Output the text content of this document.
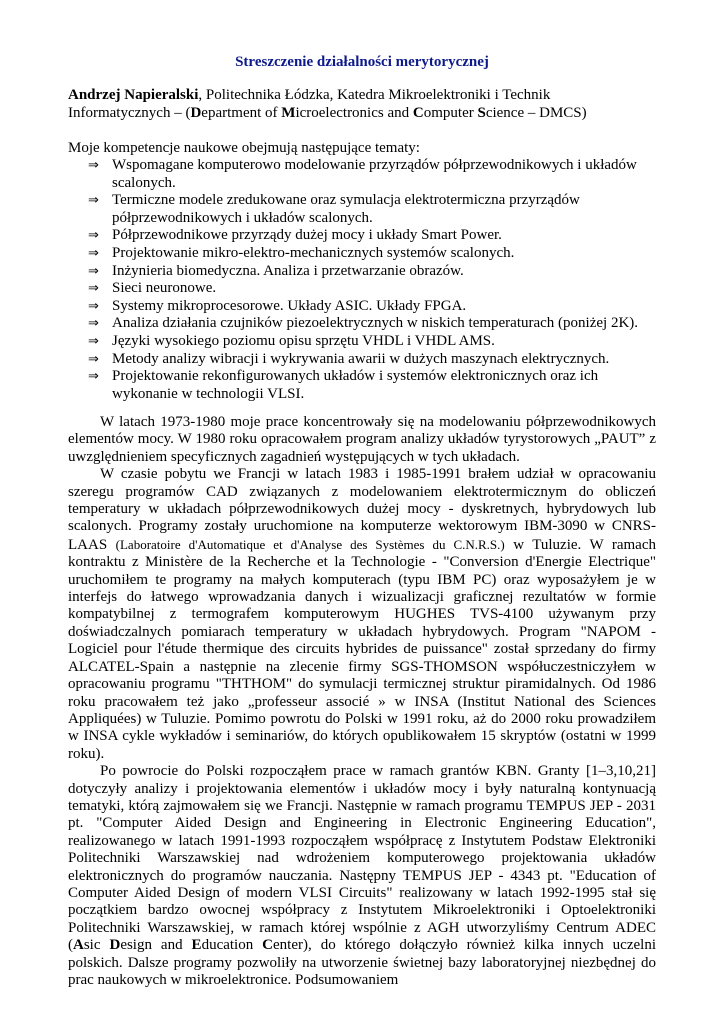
Streszczenie działalności merytorycznej

Andrzej Napieralski, Politechnika Łódzka, Katedra Mikroelektroniki i Technik Informatycznych – (Department of Microelectronics and Computer Science – DMCS)

Moje kompetencje naukowe obejmują następujące tematy:

⇒ Wspomagane komputerowo modelowanie przyrządów półprzewodnikowych i układów scalonych.
⇒ Termiczne modele zredukowane oraz symulacja elektrotermiczna przyrządów półprzewodnikowych i układów scalonych.
⇒ Półprzewodnikowe przyrządy dużej mocy i układy Smart Power.
⇒ Projektowanie mikro-elektro-mechanicznych systemów scalonych.
⇒ Inżynieria biomedyczna. Analiza i przetwarzanie obrazów.
⇒ Sieci neuronowe.
⇒ Systemy mikroprocesorowe. Układy ASIC. Układy FPGA.
⇒ Analiza działania czujników piezoelektrycznych w niskich temperaturach (poniżej 2K).
⇒ Języki wysokiego poziomu opisu sprzętu VHDL i VHDL AMS.
⇒ Metody analizy wibracji i wykrywania awarii w dużych maszynach elektrycznych.
⇒ Projektowanie rekonfigurowanych układów i systemów elektronicznych oraz ich wykonanie w technologii VLSI.

W latach 1973-1980 moje prace koncentrowały się na modelowaniu półprzewodnikowych elementów mocy. W 1980 roku opracowałem program analizy układów tyrystorowych „PAUT” z uwzględnieniem specyficznych zagadnień występujących w tych układach.

W czasie pobytu we Francji w latach 1983 i 1985-1991 brałem udział w opracowaniu szeregu programów CAD związanych z modelowaniem elektrotermicznym do obliczeń temperatury w układach półprzewodnikowych dużej mocy - dyskretnych, hybrydowych lub scalonych. Programy zostały uruchomione na komputerze wektorowym IBM-3090 w CNRS-LAAS (Laboratoire d'Automatique et d'Analyse des Systèmes du C.N.R.S.) w Tuluzie. W ramach kontraktu z Ministère de la Recherche et la Technologie - "Conversion d'Energie Electrique" uruchomiłem te programy na małych komputerach (typu IBM PC) oraz wyposażyłem je w interfejs do łatwego wprowadzania danych i wizualizacji graficznej rezultatów w formie kompatybilnej z termografem komputerowym HUGHES TVS-4100 używanym przy doświadczalnych pomiarach temperatury w układach hybrydowych. Program "NAPOM - Logiciel pour l'étude thermique des circuits hybrides de puissance" został sprzedany do firmy ALCATEL-Spain a następnie na zlecenie firmy SGS-THOMSON współuczestniczyłem w opracowaniu programu "THTHOM" do symulacji termicznej struktur piramidalnych. Od 1986 roku pracowałem też jako „professeur associé » w INSA (Institut National des Sciences Appliquées) w Tuluzie. Pomimo powrotu do Polski w 1991 roku, aż do 2000 roku prowadziłem w INSA cykle wykładów i seminariów, do których opublikowałem 15 skryptów (ostatni w 1999 roku).

Po powrocie do Polski rozpocząłem prace w ramach grantów KBN. Granty [1–3,10,21] dotyczyły analizy i projektowania elementów i układów mocy i były naturalną kontynuacją tematyki, którą zajmowałem się we Francji. Następnie w ramach programu TEMPUS JEP - 2031 pt. "Computer Aided Design and Engineering in Electronic Engineering Education", realizowanego w latach 1991-1993 rozpocząłem współpracę z Instytutem Podstaw Elektroniki Politechniki Warszawskiej nad wdrożeniem komputerowego projektowania układów elektronicznych do programów nauczania. Następny TEMPUS JEP - 4343 pt. "Education of Computer Aided Design of modern VLSI Circuits" realizowany w latach 1992-1995 stał się początkiem bardzo owocnej współpracy z Instytutem Mikroelektroniki i Optoelektroniki Politechniki Warszawskiej, w ramach której wspólnie z AGH utworzyliśmy Centrum ADEC (Asic Design and Education Center), do którego dołączyło również kilka innych uczelni polskich. Dalsze programy pozwoliły na utworzenie świetnej bazy laboratoryjnej niezbędnej do prac naukowych w mikroelektronice. Podsumowaniem
